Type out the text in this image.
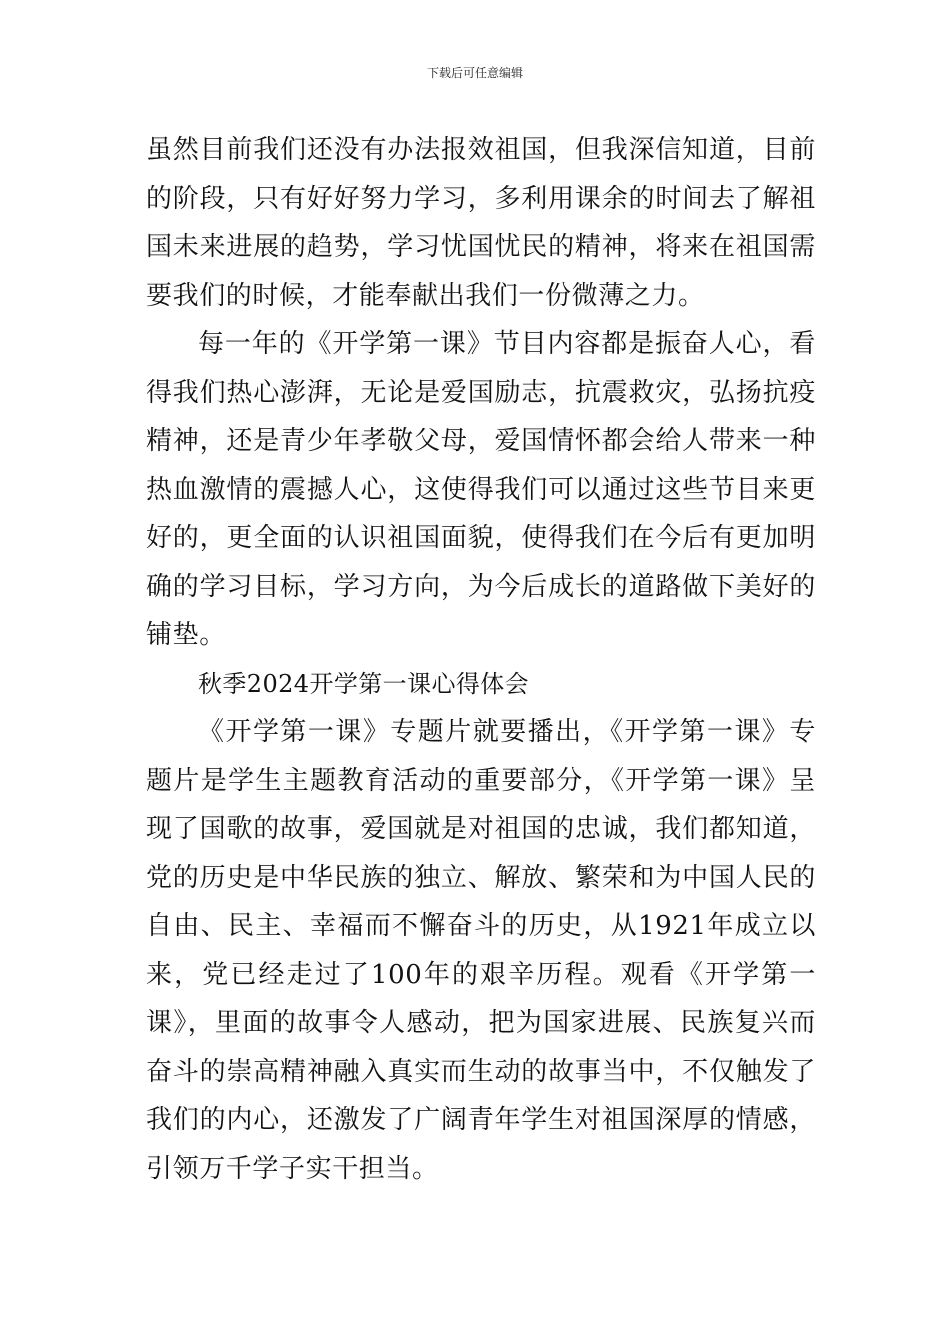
下载后可任意编辑

虽然目前我们还没有办法报效祖国，但我深信知道，目前的阶段，只有好好努力学习，多利用课余的时间去了解祖国未来进展的趋势，学习忧国忧民的精神，将来在祖国需要我们的时候，才能奉献出我们一份微薄之力。

每一年的《开学第一课》节目内容都是振奋人心，看得我们热心澎湃，无论是爱国励志，抗震救灾，弘扬抗疫精神，还是青少年孝敬父母，爱国情怀都会给人带来一种热血激情的震撼人心，这使得我们可以通过这些节目来更好的，更全面的认识祖国面貌，使得我们在今后有更加明确的学习目标，学习方向，为今后成长的道路做下美好的铺垫。

秋季2024开学第一课心得体会

《开学第一课》专题片就要播出，《开学第一课》专题片是学生主题教育活动的重要部分，《开学第一课》呈现了国歌的故事，爱国就是对祖国的忠诚，我们都知道，党的历史是中华民族的独立、解放、繁荣和为中国人民的自由、民主、幸福而不懈奋斗的历史，从1921年成立以来，党已经走过了100年的艰辛历程。观看《开学第一课》，里面的故事令人感动，把为国家进展、民族复兴而奋斗的崇高精神融入真实而生动的故事当中，不仅触发了我们的内心，还激发了广阔青年学生对祖国深厚的情感，引领万千学子实干担当。
